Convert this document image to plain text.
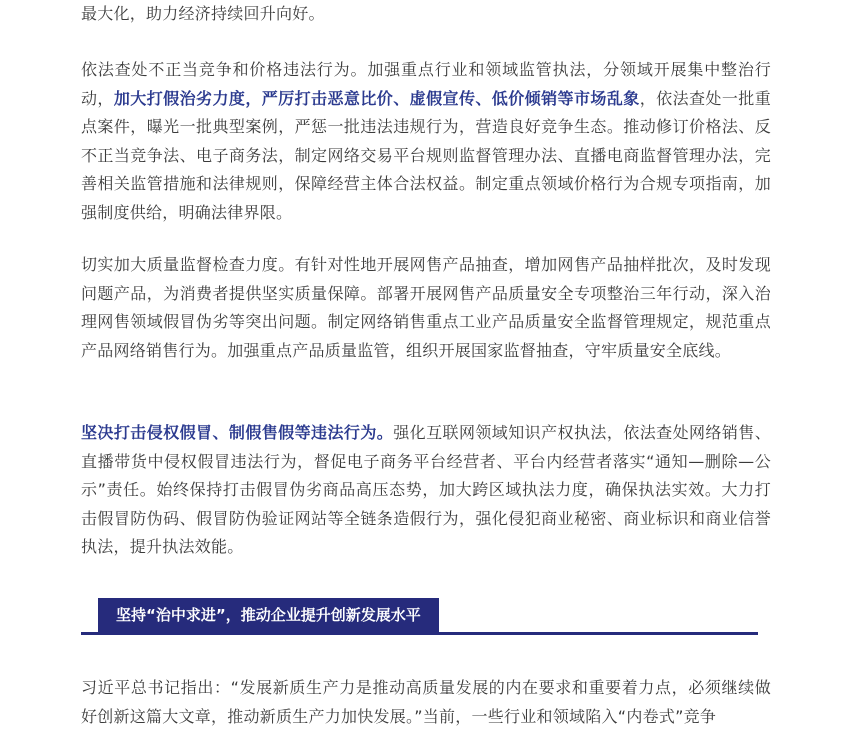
最大化，助力经济持续回升向好。

依法查处不正当竞争和价格违法行为。加强重点行业和领域监管执法，分领域开展集中整治行动，加大打假治劣力度，严厉打击恶意比价、虚假宣传、低价倾销等市场乱象，依法查处一批重点案件，曝光一批典型案例，严惩一批违法违规行为，营造良好竞争生态。推动修订价格法、反不正当竞争法、电子商务法，制定网络交易平台规则监督管理办法、直播电商监督管理办法，完善相关监管措施和法律规则，保障经营主体合法权益。制定重点领域价格行为合规专项指南，加强制度供给，明确法律界限。

切实加大质量监督检查力度。有针对性地开展网售产品抽查，增加网售产品抽样批次，及时发现问题产品，为消费者提供坚实质量保障。部署开展网售产品质量安全专项整治三年行动，深入治理网售领域假冒伪劣等突出问题。制定网络销售重点工业产品质量安全监督管理规定，规范重点产品网络销售行为。加强重点产品质量监管，组织开展国家监督抽查，守牢质量安全底线。

坚决打击侵权假冒、制假售假等违法行为。强化互联网领域知识产权执法，依法查处网络销售、直播带货中侵权假冒违法行为，督促电子商务平台经营者、平台内经营者落实“通知—删除—公示”责任。始终保持打击假冒伪劣商品高压态势，加大跨区域执法力度，确保执法实效。大力打击假冒防伪码、假冒防伪验证网站等全链条造假行为，强化侵犯商业秘密、商业标识和商业信誉执法，提升执法效能。

坚持“治中求进”，推动企业提升创新发展水平

习近平总书记指出：“发展新质生产力是推动高质量发展的内在要求和重要着力点，必须继续做好创新这篇大文章，推动新质生产力加快发展。”当前，一些行业和领域陷入“内卷式”竞争
